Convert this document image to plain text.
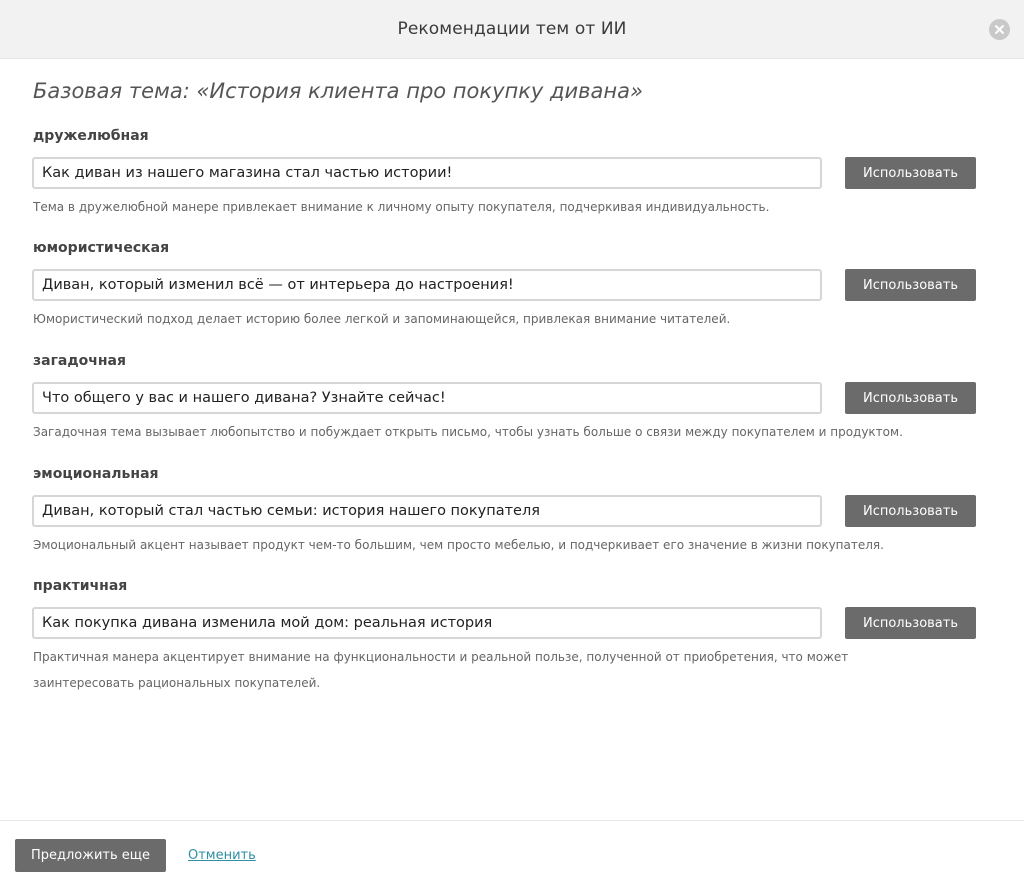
Рекомендации тем от ИИ
Базовая тема: «История клиента про покупку дивана»
дружелюбная
Как диван из нашего магазина стал частью истории!
Использовать
Тема в дружелюбной манере привлекает внимание к личному опыту покупателя, подчеркивая индивидуальность.
юмористическая
Диван, который изменил всё — от интерьера до настроения!
Использовать
Юмористический подход делает историю более легкой и запоминающейся, привлекая внимание читателей.
загадочная
Что общего у вас и нашего дивана? Узнайте сейчас!
Использовать
Загадочная тема вызывает любопытство и побуждает открыть письмо, чтобы узнать больше о связи между покупателем и продуктом.
эмоциональная
Диван, который стал частью семьи: история нашего покупателя
Использовать
Эмоциональный акцент называет продукт чем-то большим, чем просто мебелью, и подчеркивает его значение в жизни покупателя.
практичная
Как покупка дивана изменила мой дом: реальная история
Использовать
Практичная манера акцентирует внимание на функциональности и реальной пользе, полученной от приобретения, что может заинтересовать рациональных покупателей.
Предложить еще	Отменить
